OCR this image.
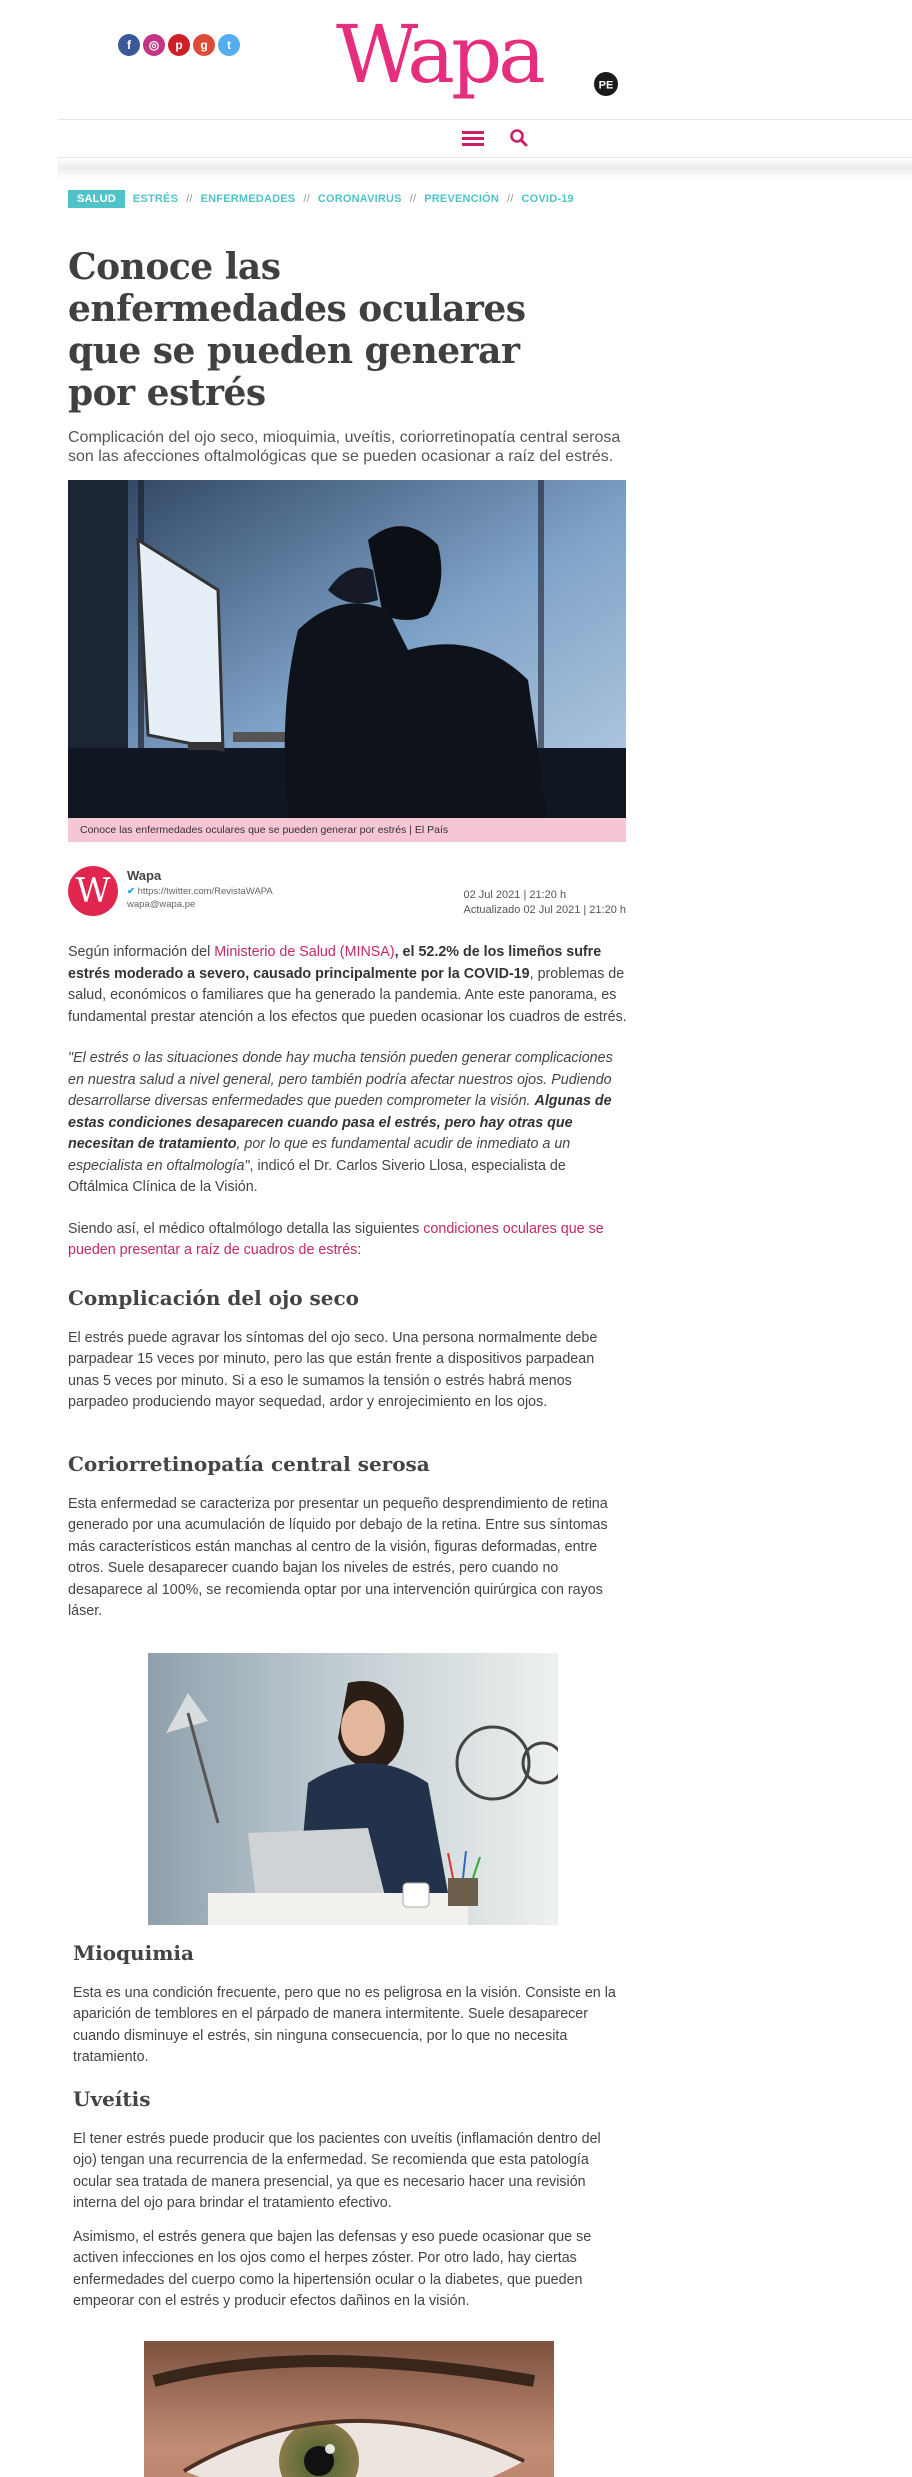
f	◎	p	g	t Wapa	PE
SALUD	ESTRÉS // ENFERMEDADES // CORONAVIRUS // PREVENCIÓN // COVID-19
Conoce las enfermedades oculares que se pueden generar por estrés
Complicación del ojo seco, mioquimia, uveítis, coriorretinopatía central serosa son las afecciones oftalmológicas que se pueden ocasionar a raíz del estrés.
Conoce las enfermedades oculares que se pueden generar por estrés | El País
W	Wapa
✔ https://twitter.com/RevistaWAPA
wapa@wapa.pe
02 Jul 2021 | 21:20 h
Actualizado 02 Jul 2021 | 21:20 h

Según información del Ministerio de Salud (MINSA), el 52.2% de los limeños sufre estrés moderado a severo, causado principalmente por la COVID-19, problemas de salud, económicos o familiares que ha generado la pandemia. Ante este panorama, es fundamental prestar atención a los efectos que pueden ocasionar los cuadros de estrés.

"El estrés o las situaciones donde hay mucha tensión pueden generar complicaciones en nuestra salud a nivel general, pero también podría afectar nuestros ojos. Pudiendo desarrollarse diversas enfermedades que pueden comprometer la visión. Algunas de estas condiciones desaparecen cuando pasa el estrés, pero hay otras que necesitan de tratamiento, por lo que es fundamental acudir de inmediato a un especialista en oftalmología", indicó el Dr. Carlos Siverio Llosa, especialista de Oftálmica Clínica de la Visión.

Siendo así, el médico oftalmólogo detalla las siguientes condiciones oculares que se pueden presentar a raíz de cuadros de estrés:

Complicación del ojo seco

El estrés puede agravar los síntomas del ojo seco. Una persona normalmente debe parpadear 15 veces por minuto, pero las que están frente a dispositivos parpadean unas 5 veces por minuto. Si a eso le sumamos la tensión o estrés habrá menos parpadeo produciendo mayor sequedad, ardor y enrojecimiento en los ojos.

Coriorretinopatía central serosa

Esta enfermedad se caracteriza por presentar un pequeño desprendimiento de retina generado por una acumulación de líquido por debajo de la retina. Entre sus síntomas más característicos están manchas al centro de la visión, figuras deformadas, entre otros. Suele desaparecer cuando bajan los niveles de estrés, pero cuando no desaparece al 100%, se recomienda optar por una intervención quirúrgica con rayos láser.

Mioquimia

Esta es una condición frecuente, pero que no es peligrosa en la visión. Consiste en la aparición de temblores en el párpado de manera intermitente. Suele desaparecer cuando disminuye el estrés, sin ninguna consecuencia, por lo que no necesita tratamiento.

Uveítis

El tener estrés puede producir que los pacientes con uveítis (inflamación dentro del ojo) tengan una recurrencia de la enfermedad. Se recomienda que esta patología ocular sea tratada de manera presencial, ya que es necesario hacer una revisión interna del ojo para brindar el tratamiento efectivo.

Asimismo, el estrés genera que bajen las defensas y eso puede ocasionar que se activen infecciones en los ojos como el herpes zóster. Por otro lado, hay ciertas enfermedades del cuerpo como la hipertensión ocular o la diabetes, que pueden empeorar con el estrés y producir efectos dañinos en la visión.
